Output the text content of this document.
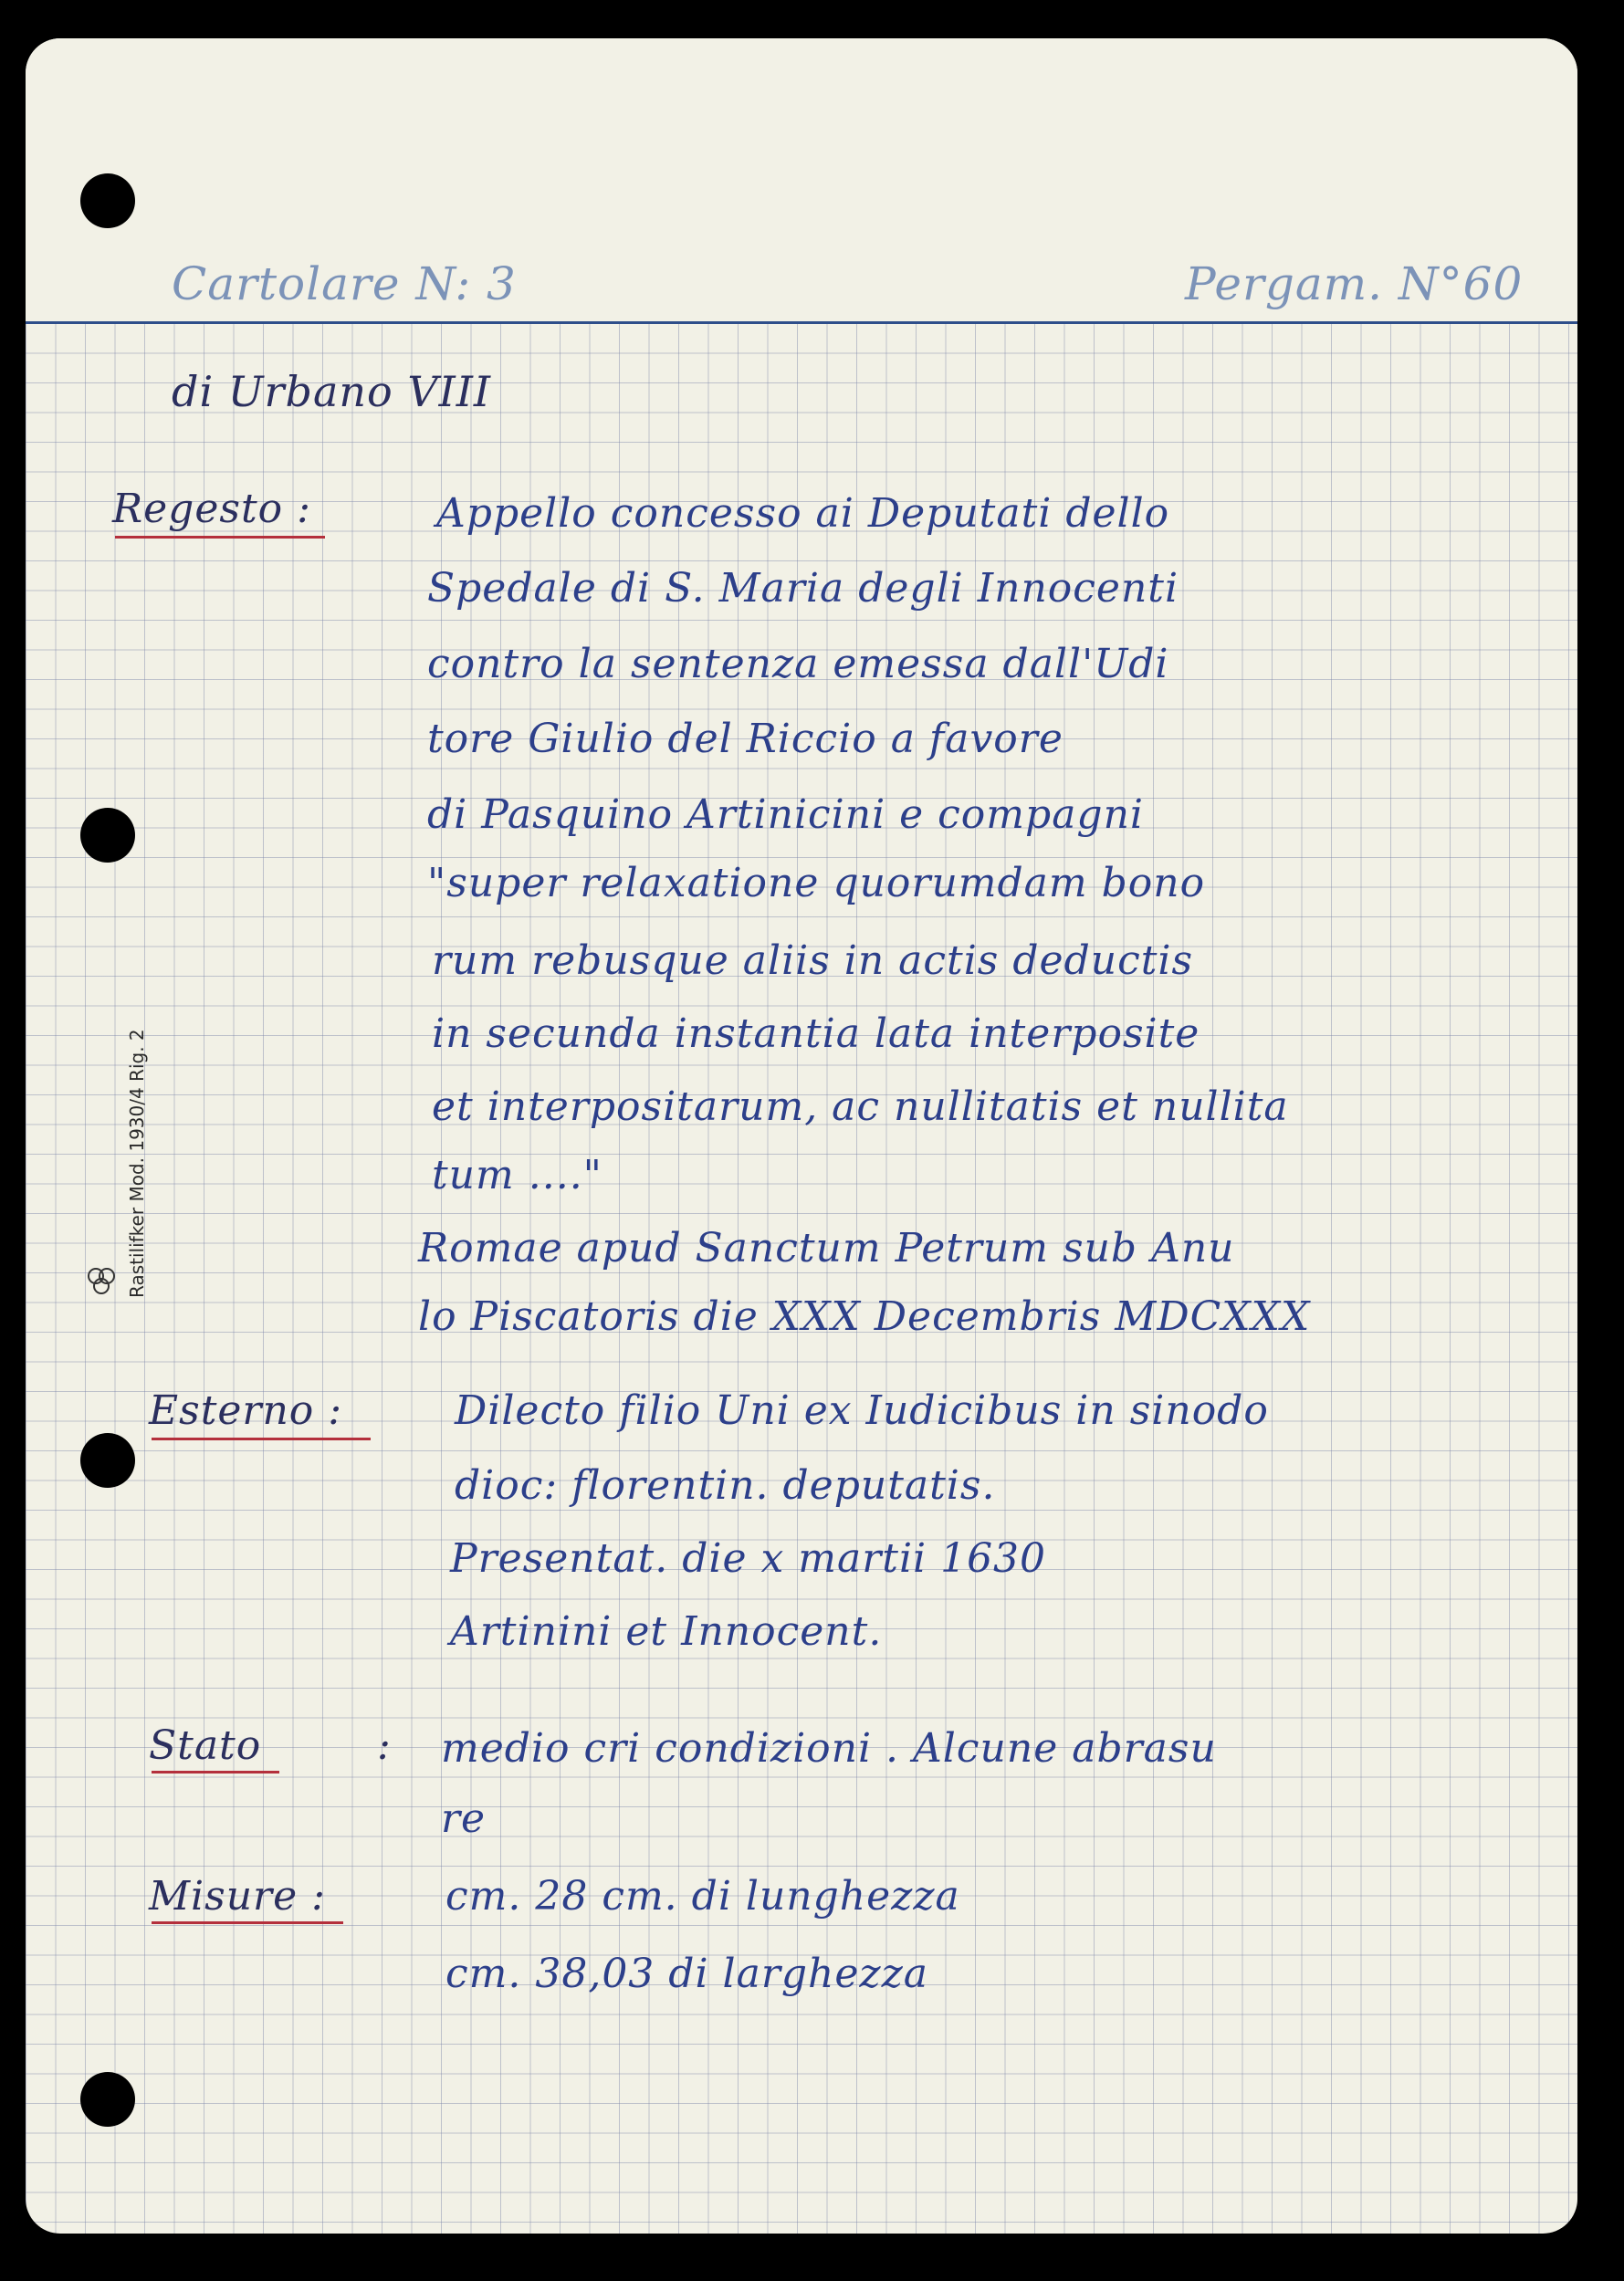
Cartolare N: 3	Pergam. N°60
di Urbano VIII
Regesto :	Appello concesso ai Deputati dello
Spedale di S. Maria degli Innocenti
contro la sentenza emessa dall'Udi
tore Giulio del Riccio a favore
di Pasquino Artinicini e compagni
"super relaxatione quorumdam bono
rum rebusque aliis in actis deductis
in secunda instantia lata interposite
et interpositarum, ac nullitatis et nullita
tum ...."
Romae apud Sanctum Petrum sub Anu
lo Piscatoris die XXX Decembris MDCXXX
Esterno :	Dilecto filio Uni ex Iudicibus in sinodo
dioc: florentin. deputatis.
Presentat. die x martii 1630
Artinini et Innocent.
Stato	: medio cri condizioni . Alcune abrasu
re
Misure :	cm. 28 cm. di lunghezza
cm. 38,03 di larghezza
Rastilifker Mod. 1930/4 Rig. 2
